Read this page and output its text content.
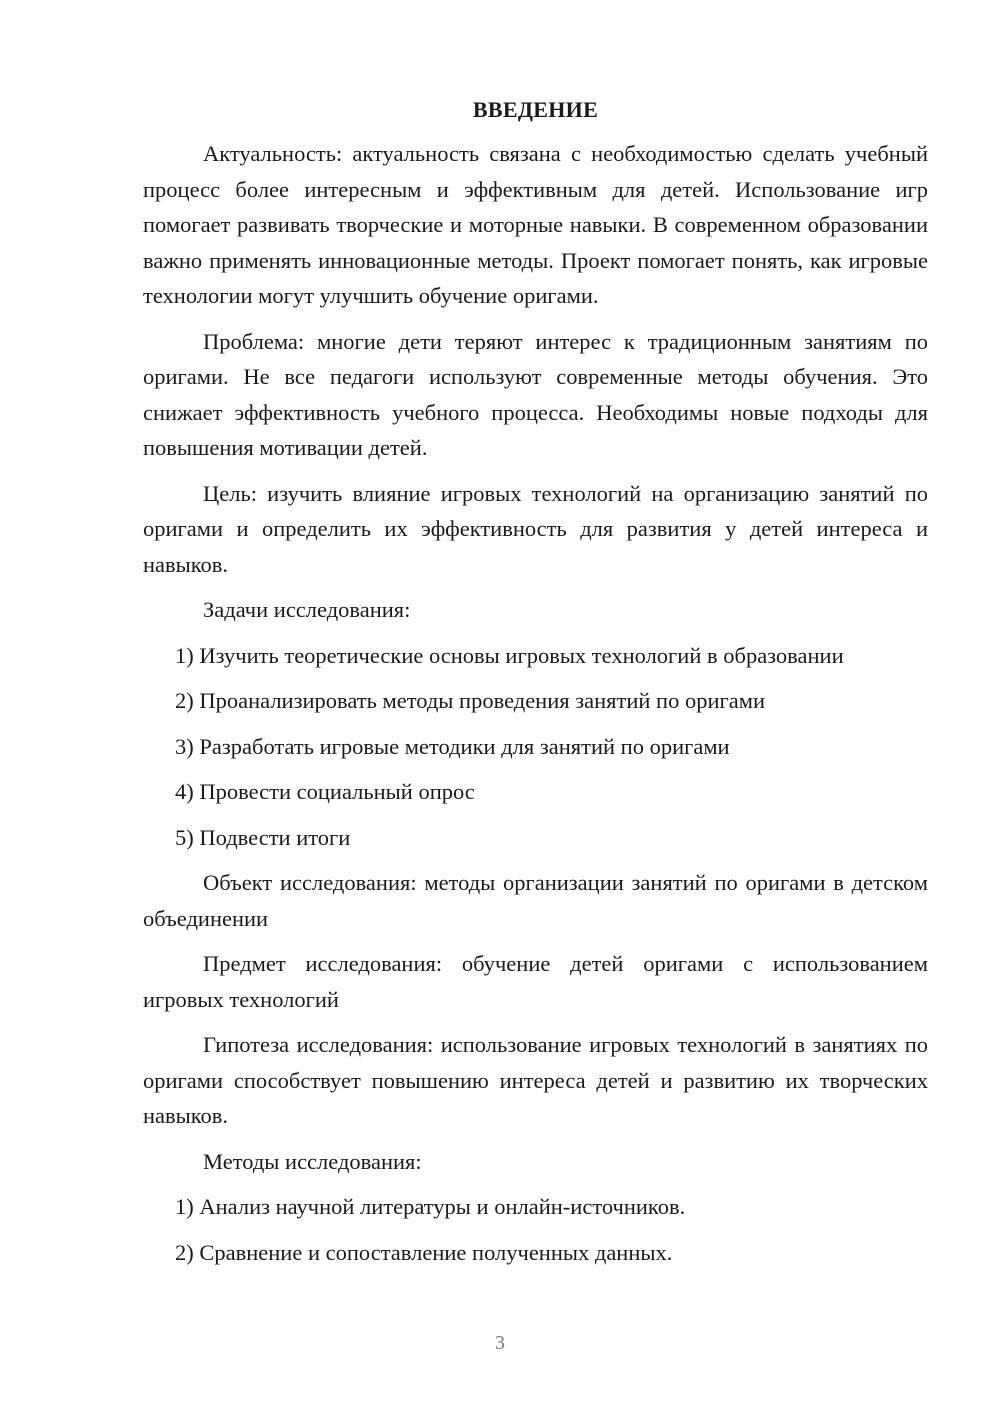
ВВЕДЕНИЕ

Актуальность: актуальность связана с необходимостью сделать учебный процесс более интересным и эффективным для детей. Использование игр помогает развивать творческие и моторные навыки. В современном образовании важно применять инновационные методы. Проект помогает понять, как игровые технологии могут улучшить обучение оригами.

Проблема: многие дети теряют интерес к традиционным занятиям по оригами. Не все педагоги используют современные методы обучения. Это снижает эффективность учебного процесса. Необходимы новые подходы для повышения мотивации детей.

Цель: изучить влияние игровых технологий на организацию занятий по оригами и определить их эффективность для развития у детей интереса и навыков.

Задачи исследования:

1) Изучить теоретические основы игровых технологий в образовании
2) Проанализировать методы проведения занятий по оригами
3) Разработать игровые методики для занятий по оригами
4) Провести социальный опрос
5) Подвести итоги

Объект исследования: методы организации занятий по оригами в детском объединении

Предмет исследования: обучение детей оригами с использованием игровых технологий

Гипотеза исследования: использование игровых технологий в занятиях по оригами способствует повышению интереса детей и развитию их творческих навыков.

Методы исследования:

1) Анализ научной литературы и онлайн-источников.
2) Сравнение и сопоставление полученных данных.
3
